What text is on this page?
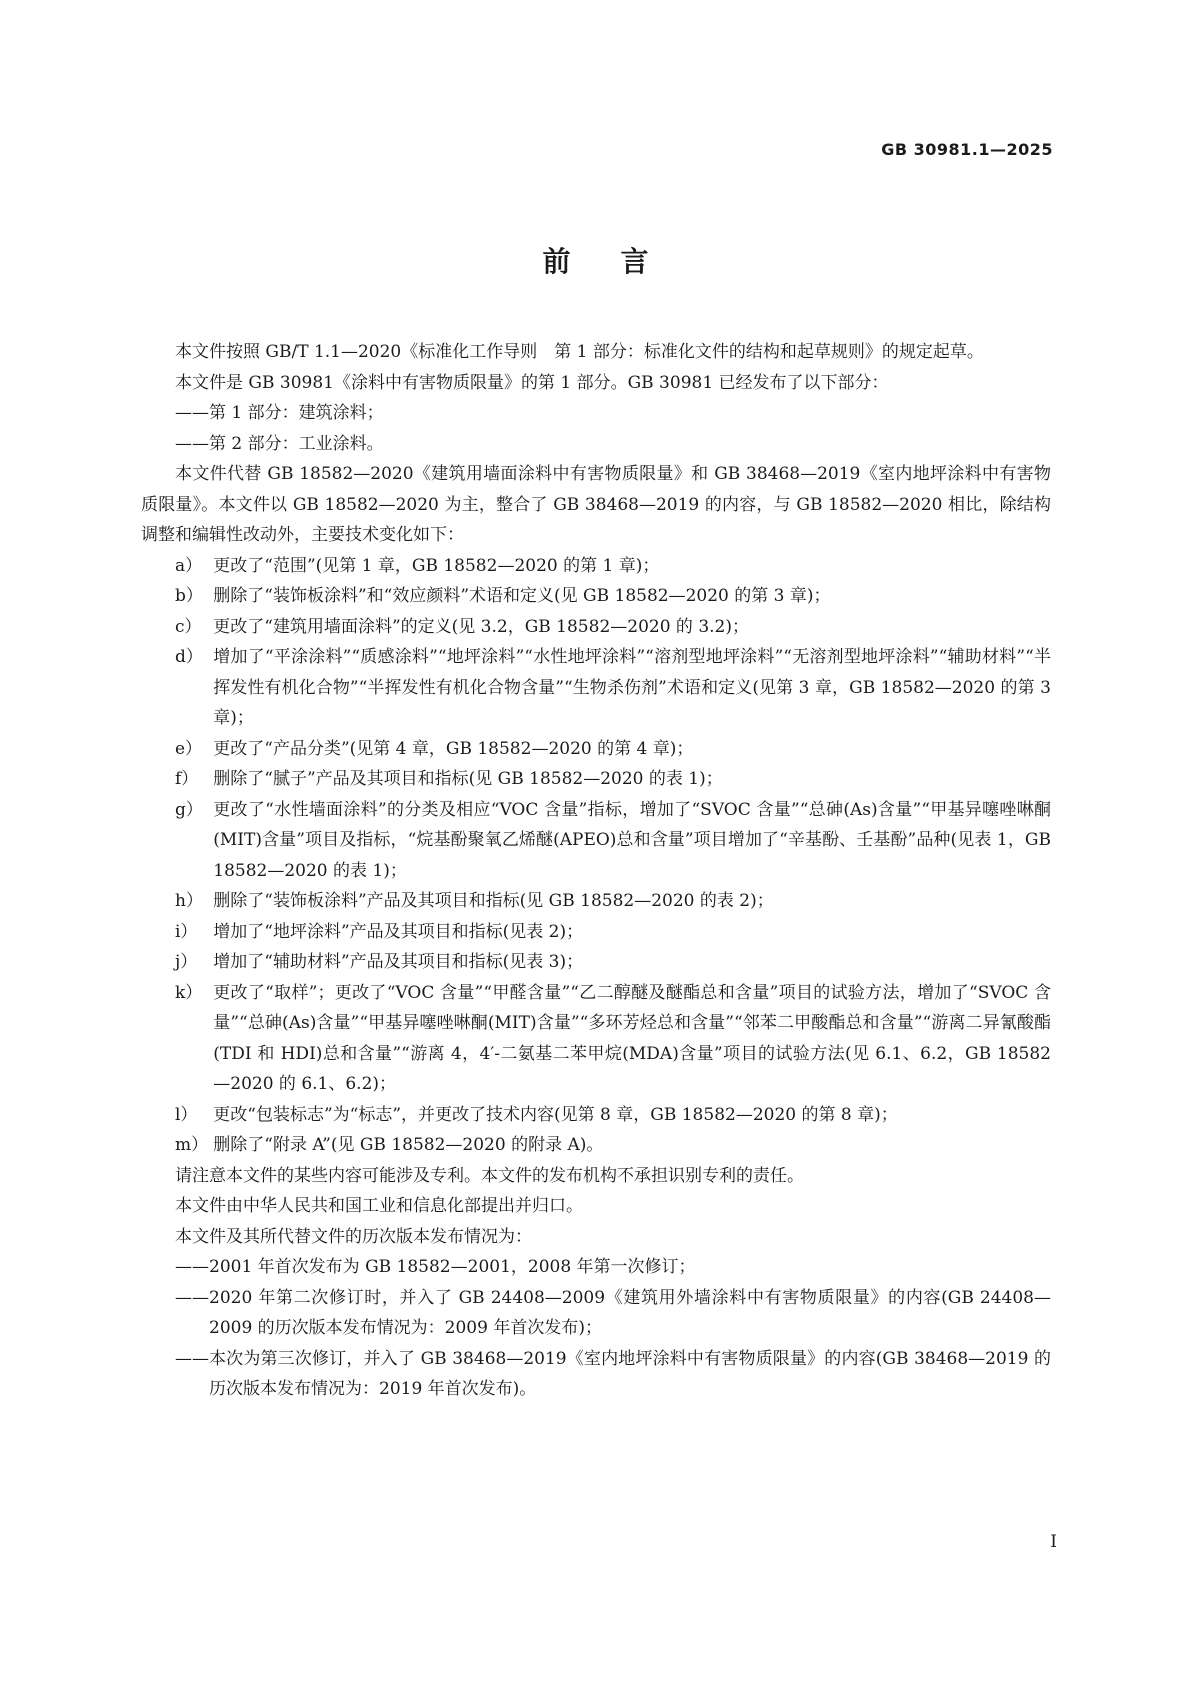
GB 30981.1—2025
前言

本文件按照 GB/T 1.1—2020《标准化工作导则　第 1 部分：标准化文件的结构和起草规则》的规定起草。

本文件是 GB 30981《涂料中有害物质限量》的第 1 部分。GB 30981 已经发布了以下部分：

—— 第 1 部分：建筑涂料；
—— 第 2 部分：工业涂料。

本文件代替 GB 18582—2020《建筑用墙面涂料中有害物质限量》和 GB 38468—2019《室内地坪涂料中有害物质限量》。本文件以 GB 18582—2020 为主，整合了 GB 38468—2019 的内容，与 GB 18582—2020 相比，除结构调整和编辑性改动外，主要技术变化如下：

a） 更改了“范围”(见第 1 章，GB 18582—2020 的第 1 章)；
b） 删除了“装饰板涂料”和“效应颜料”术语和定义(见 GB 18582—2020 的第 3 章)；
c） 更改了“建筑用墙面涂料”的定义(见 3.2，GB 18582—2020 的 3.2)；
d） 增加了“平涂涂料”“质感涂料”“地坪涂料”“水性地坪涂料”“溶剂型地坪涂料”“无溶剂型地坪涂料”“辅助材料”“半挥发性有机化合物”“半挥发性有机化合物含量”“生物杀伤剂”术语和定义(见第 3 章，GB 18582—2020 的第 3 章)；
e） 更改了“产品分类”(见第 4 章，GB 18582—2020 的第 4 章)；
f） 删除了“腻子”产品及其项目和指标(见 GB 18582—2020 的表 1)；
g） 更改了“水性墙面涂料”的分类及相应“VOC 含量”指标，增加了“SVOC 含量”“总砷(As)含量”“甲基异噻唑啉酮(MIT)含量”项目及指标，“烷基酚聚氧乙烯醚(APEO)总和含量”项目增加了“辛基酚、壬基酚”品种(见表 1，GB 18582—2020 的表 1)；
h） 删除了“装饰板涂料”产品及其项目和指标(见 GB 18582—2020 的表 2)；
i） 增加了“地坪涂料”产品及其项目和指标(见表 2)；
j） 增加了“辅助材料”产品及其项目和指标(见表 3)；
k） 更改了“取样”；更改了“VOC 含量”“甲醛含量”“乙二醇醚及醚酯总和含量”项目的试验方法，增加了“SVOC 含量”“总砷(As)含量”“甲基异噻唑啉酮(MIT)含量”“多环芳烃总和含量”“邻苯二甲酸酯总和含量”“游离二异氰酸酯(TDI 和 HDI)总和含量”“游离 4，4′-二氨基二苯甲烷(MDA)含量”项目的试验方法(见 6.1、6.2，GB 18582—2020 的 6.1、6.2)；
l） 更改“包装标志”为“标志”，并更改了技术内容(见第 8 章，GB 18582—2020 的第 8 章)；
m） 删除了“附录 A”(见 GB 18582—2020 的附录 A)。

请注意本文件的某些内容可能涉及专利。本文件的发布机构不承担识别专利的责任。

本文件由中华人民共和国工业和信息化部提出并归口。

本文件及其所代替文件的历次版本发布情况为：

—— 2001 年首次发布为 GB 18582—2001，2008 年第一次修订；
—— 2020 年第二次修订时，并入了 GB 24408—2009《建筑用外墙涂料中有害物质限量》的内容(GB 24408—2009 的历次版本发布情况为：2009 年首次发布)；
—— 本次为第三次修订，并入了 GB 38468—2019《室内地坪涂料中有害物质限量》的内容(GB 38468—2019 的历次版本发布情况为：2019 年首次发布)。
I
